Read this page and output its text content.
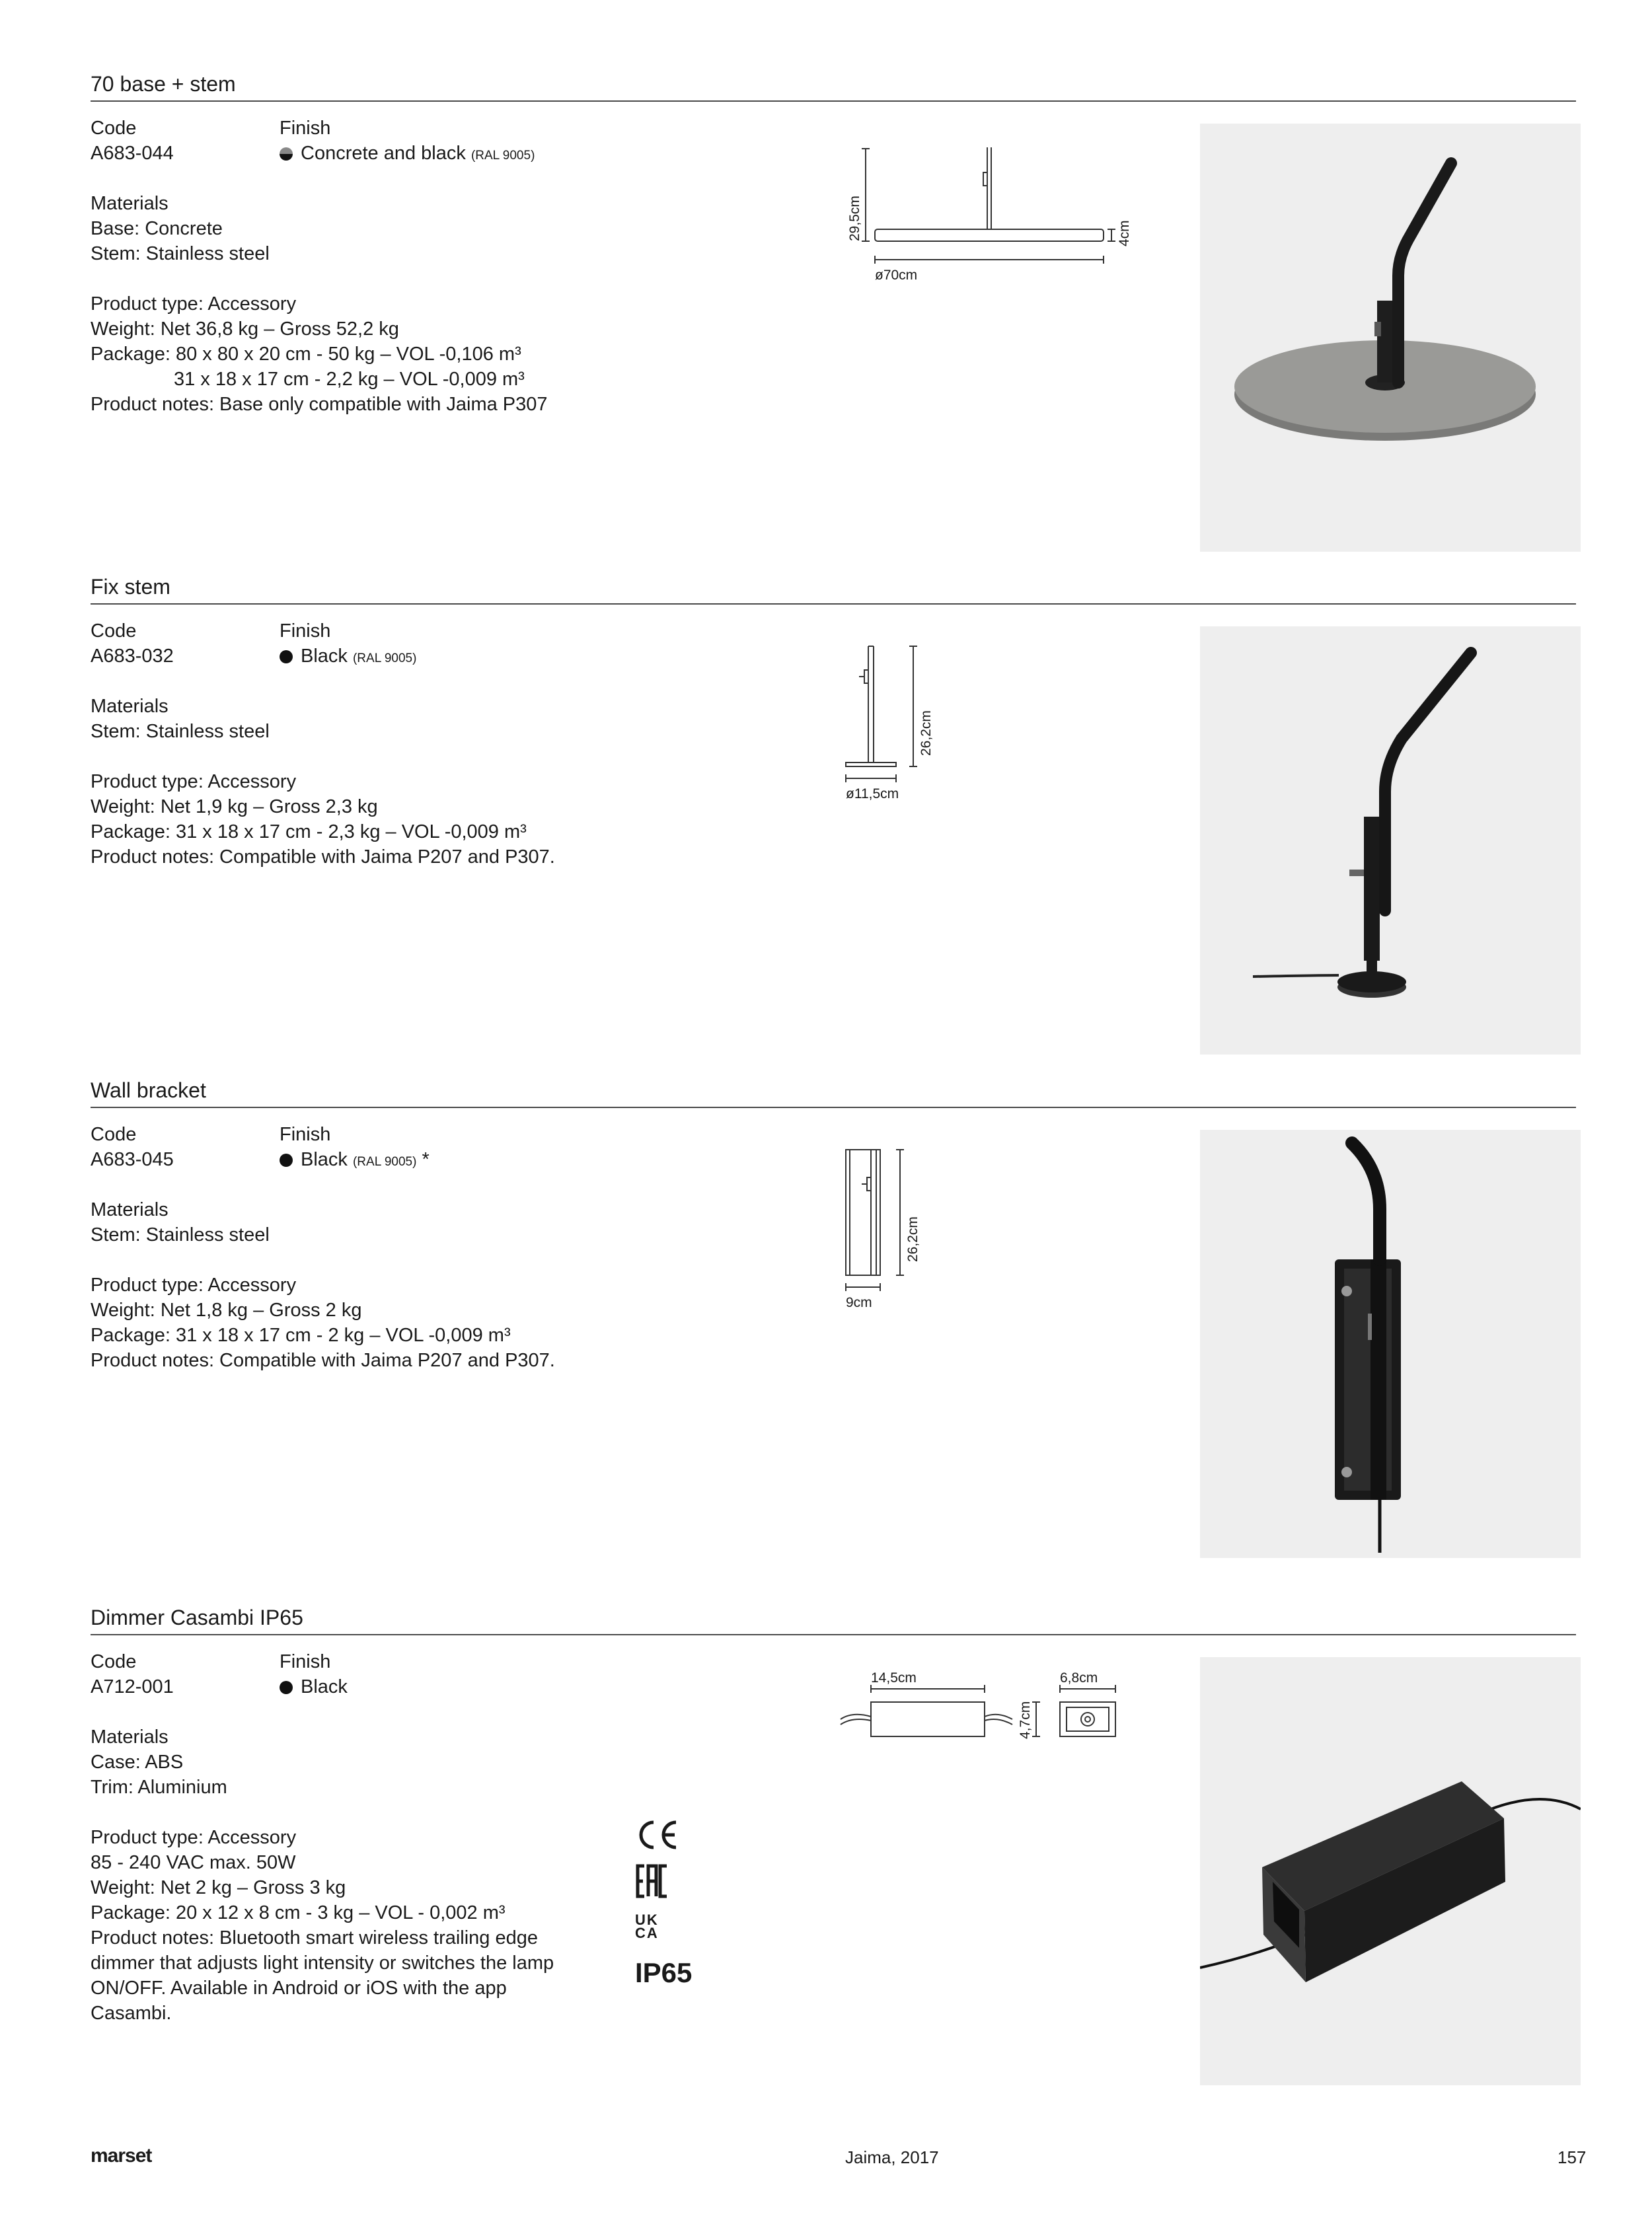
70 base + stem
Code	Finish
A683-044	Concrete and black (RAL 9005)
Materials
Base: Concrete
Stem: Stainless steel
Product type: Accessory
Weight: Net 36,8 kg – Gross 52,2 kg
Package: 80 x 80 x 20 cm - 50 kg – VOL -0,106 m³
31 x 18 x 17 cm - 2,2 kg – VOL -0,009 m³
Product notes: Base only compatible with Jaima P307
29,5cm	4cm
ø70cm
Fix stem
Code	Finish
A683-032	Black (RAL 9005)
Materials
Stem: Stainless steel
Product type: Accessory
Weight: Net 1,9 kg – Gross 2,3 kg
Package: 31 x 18 x 17 cm - 2,3 kg – VOL -0,009 m³
Product notes: Compatible with Jaima P207 and P307.
26,2cm
ø11,5cm
Wall bracket
Code	Finish
A683-045	Black (RAL 9005) *
Materials
Stem: Stainless steel
Product type: Accessory
Weight: Net 1,8 kg – Gross 2 kg
Package: 31 x 18 x 17 cm - 2 kg – VOL -0,009 m³
Product notes: Compatible with Jaima P207 and P307.
26,2cm
9cm
Dimmer Casambi IP65
Code	Finish
A712-001	Black
Materials
Case: ABS
Trim: Aluminium
Product type: Accessory
85 - 240 VAC max. 50W
Weight: Net 2 kg – Gross 3 kg
Package: 20 x 12 x 8 cm - 3 kg – VOL - 0,002 m³
Product notes: Bluetooth smart wireless trailing edge dimmer that adjusts light intensity or switches the lamp ON/OFF. Available in Android or iOS with the app Casambi.
CE
EAC
UK
CA
IP65
14,5cm	6,8cm
4,7cm
marset	Jaima, 2017	157
